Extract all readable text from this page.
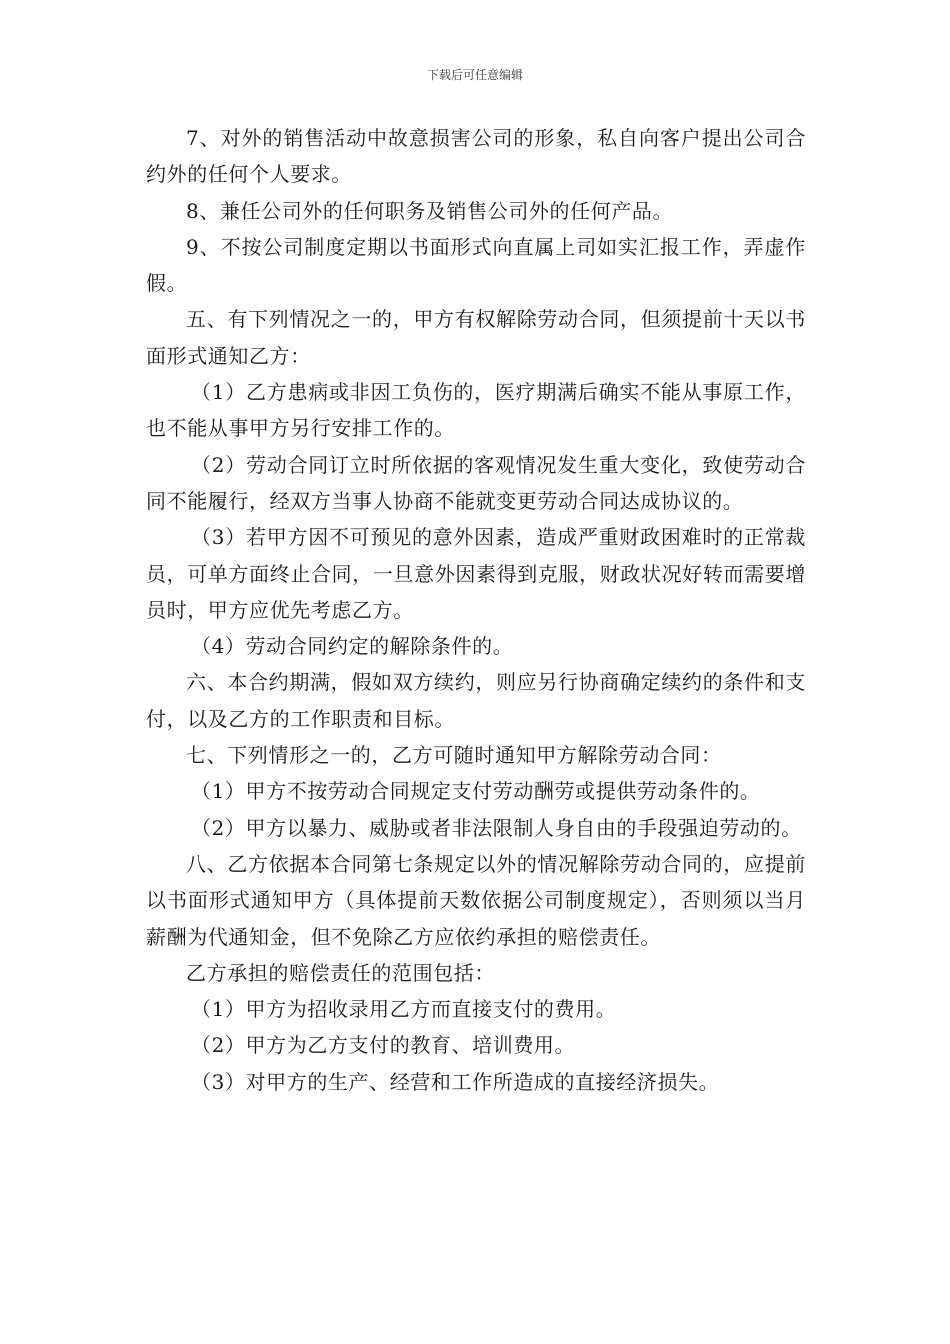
下载后可任意编辑

7、对外的销售活动中故意损害公司的形象，私自向客户提出公司合约外的任何个人要求。

8、兼任公司外的任何职务及销售公司外的任何产品。

9、不按公司制度定期以书面形式向直属上司如实汇报工作，弄虚作假。

五、有下列情况之一的，甲方有权解除劳动合同，但须提前十天以书面形式通知乙方：

（1）乙方患病或非因工负伤的，医疗期满后确实不能从事原工作，也不能从事甲方另行安排工作的。

（2）劳动合同订立时所依据的客观情况发生重大变化，致使劳动合同不能履行，经双方当事人协商不能就变更劳动合同达成协议的。

（3）若甲方因不可预见的意外因素，造成严重财政困难时的正常裁员，可单方面终止合同，一旦意外因素得到克服，财政状况好转而需要增员时，甲方应优先考虑乙方。

（4）劳动合同约定的解除条件的。

六、本合约期满，假如双方续约，则应另行协商确定续约的条件和支付，以及乙方的工作职责和目标。

七、下列情形之一的，乙方可随时通知甲方解除劳动合同：

（1）甲方不按劳动合同规定支付劳动酬劳或提供劳动条件的。

（2）甲方以暴力、威胁或者非法限制人身自由的手段强迫劳动的。

八、乙方依据本合同第七条规定以外的情况解除劳动合同的，应提前以书面形式通知甲方（具体提前天数依据公司制度规定），否则须以当月薪酬为代通知金，但不免除乙方应依约承担的赔偿责任。

乙方承担的赔偿责任的范围包括：

（1）甲方为招收录用乙方而直接支付的费用。

（2）甲方为乙方支付的教育、培训费用。

（3）对甲方的生产、经营和工作所造成的直接经济损失。
